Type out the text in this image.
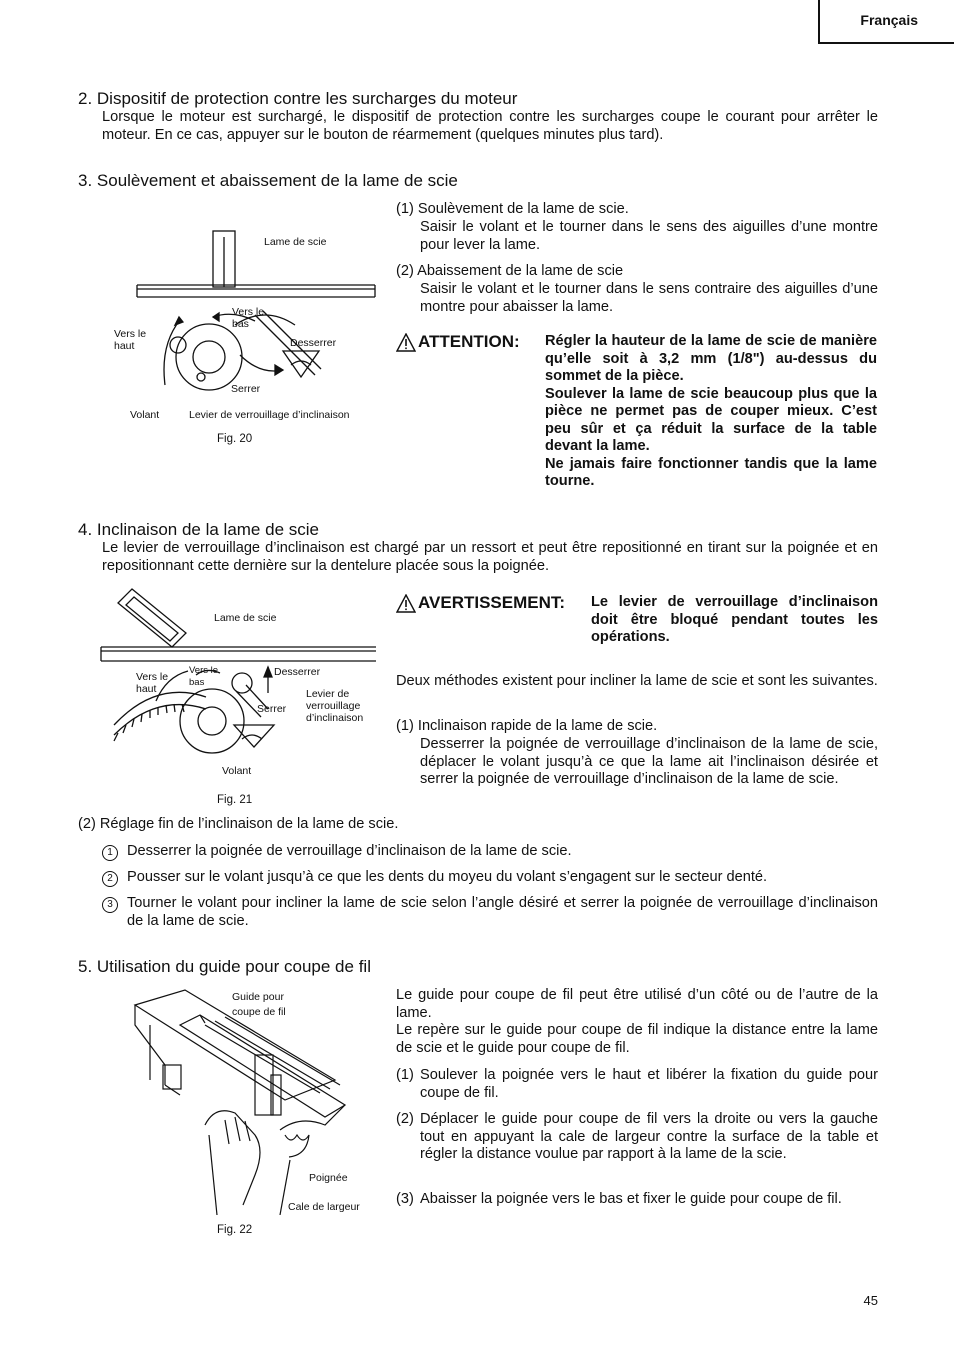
Français
2. Dispositif de protection contre les surcharges du moteur
Lorsque le moteur est surchargé, le dispositif de protection contre les surcharges coupe le courant pour arrêter le moteur. En ce cas, appuyer sur le bouton de réarmement (quelques minutes plus tard).
3. Soulèvement et abaissement de la lame de scie
Lame de scie
Vers le bas
Vers le haut	Desserrer
Serrer
Volant	Levier de verrouillage d’inclinaison
Fig. 20
(1) Soulèvement de la lame de scie.
Saisir le volant et le tourner dans le sens des aiguilles d’une montre pour lever la lame.
(2) Abaissement de la lame de scie
Saisir le volant et le tourner dans le sens contraire des aiguilles d’une montre pour abaisser la lame.
ATTENTION: Régler la hauteur de la lame de scie de manière qu’elle soit à 3,2 mm (1/8") au-dessus du sommet de la pièce.
Soulever la lame de scie beaucoup plus que la pièce ne permet pas de couper mieux. C’est peu sûr et ça réduit la surface de la table devant la lame.
Ne jamais faire fonctionner tandis que la lame tourne.
4. Inclinaison de la lame de scie
Le levier de verrouillage d’inclinaison est chargé par un ressort et peut être repositionné en tirant sur la poignée et en repositionnant cette dernière sur la dentelure placée sous la poignée.
Lame de scie
Vers le haut
Vers le bas
Desserrer
Serrer
Levier de verrouillage d’inclinaison
Volant
Fig. 21
AVERTISSEMENT: Le levier de verrouillage d’inclinaison doit être bloqué pendant toutes les opérations.
Deux méthodes existent pour incliner la lame de scie et sont les suivantes.
(1) Inclinaison rapide de la lame de scie.
Desserrer la poignée de verrouillage d’inclinaison de la lame de scie, déplacer le volant jusqu’à ce que la lame ait l’inclinaison désirée et serrer la poignée de verrouillage d’inclinaison de la lame de scie.
(2) Réglage fin de l’inclinaison de la lame de scie.
1 Desserrer la poignée de verrouillage d’inclinaison de la lame de scie.
2 Pousser sur le volant jusqu’à ce que les dents du moyeu du volant s’engagent sur le secteur denté.
3 Tourner le volant pour incliner la lame de scie selon l’angle désiré et serrer la poignée de verrouillage d’inclinaison de la lame de scie.
5. Utilisation du guide pour coupe de fil
Guide pour coupe de fil
Poignée
Cale de largeur
Fig. 22
Le guide pour coupe de fil peut être utilisé d’un côté ou de l’autre de la lame.
Le repère sur le guide pour coupe de fil indique la distance entre la lame de scie et le guide pour coupe de fil.
(1) Soulever la poignée vers le haut et libérer la fixation du guide pour coupe de fil.
(2) Déplacer le guide pour coupe de fil vers la droite ou vers la gauche tout en appuyant la cale de largeur contre la surface de la table et régler la distance voulue par rapport à la lame de la scie.
(3) Abaisser la poignée vers le bas et fixer le guide pour coupe de fil.
45
